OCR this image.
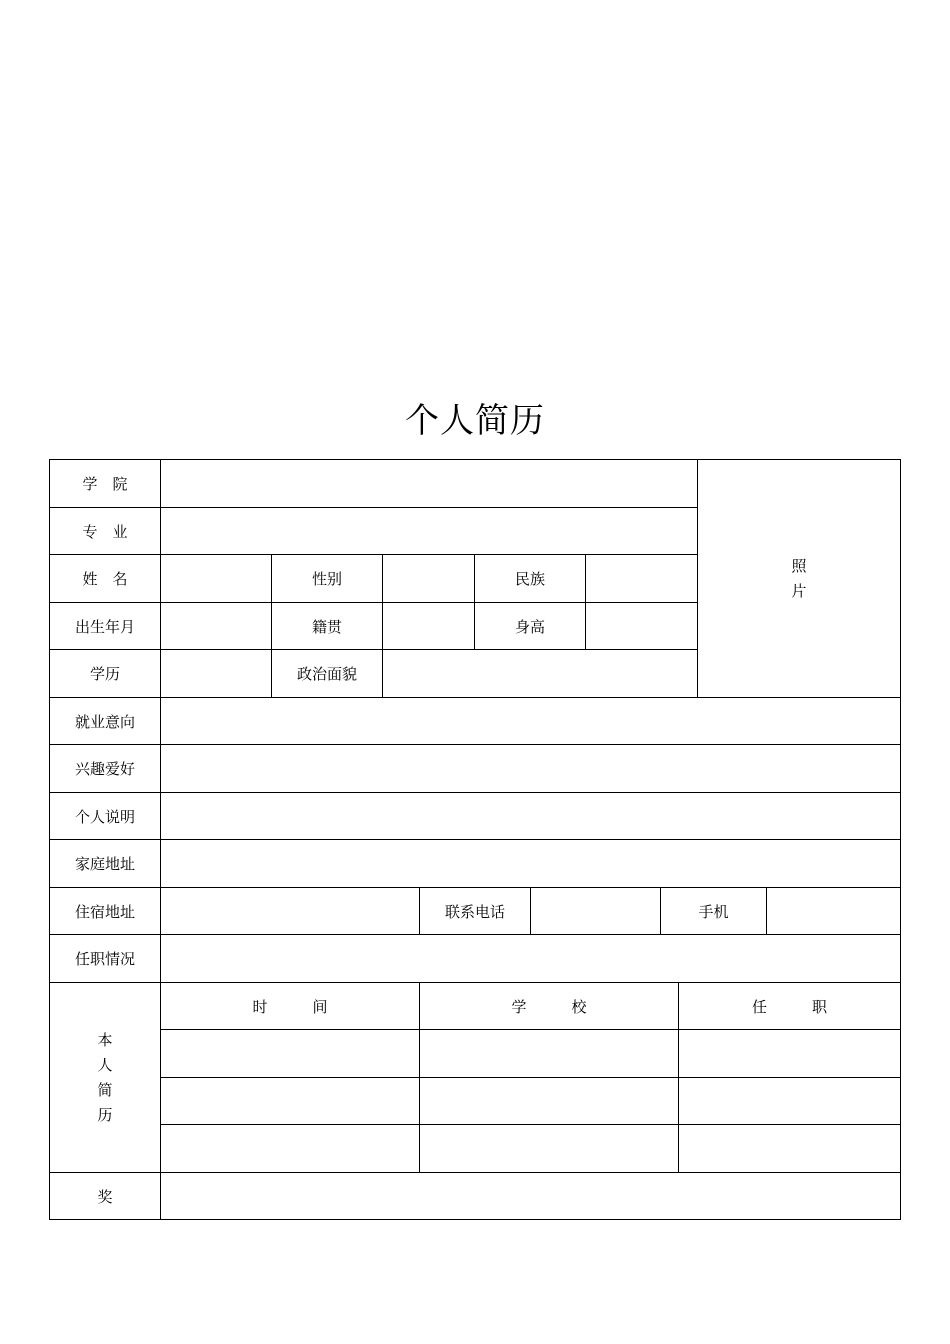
个人简历
学　院
专　业
姓　名	性别	民族
出生年月	籍贯	身高
学历	政治面貌
照
片
就业意向
兴趣爱好
个人说明
家庭地址
住宿地址	联系电话	手机
任职情况
本
人
简
历
时　　　间	学　　　校	任　　　职
奖
